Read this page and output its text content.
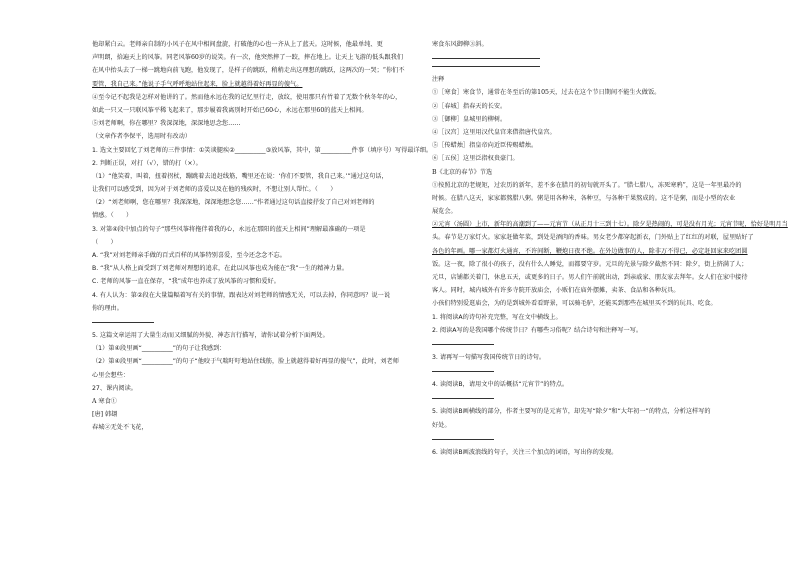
他却紧白云。老师亲自制的小风子在风中相间盘旋，打破他的心也一齐从上了蓝天。这时候，他最单纯、更
声明朗，拾遍天上的风筝。同老风筝60岁的说笑。有一次，他突然摔了一跤，摔在地上。让天上飞游的低头跟我们
在风中抬头去了一梯一跳地向前飞跑，他发现了，是样子的跳跃，稍稍走出这理想的跳跃，这两次的一哭；“你们不
要管，我自己来。”他说子手气呼呼地站住起来，脸上就越得着好再显的傻气。
④至今记不起我是怎样对他讲的了。然而他永远在我的记忆里行走，放纹，使用那只有竹着了无数个秋冬年的心，
如此一只又一只联风筝平稀飞起来了，那步履着我离别时开始已60心，永远在那里60的蓝天上相间。
⑤刘老师啊，你在哪里？我深深地，深深地思念您……
（文章作者李保平，选用时有改动）
1. 选文主要回忆了刘老师的三件事情：①笑谈腿疾②__________③放风筝，其中，第__________件事（填序号）写得最详细。
2. 判断正误，对打（√），错的打（×）。
（1）“他笑着，叫着，扭着拐杖，蹦跳着去追赶线筋，嘴里还在说：‘你们不要管，我自己来。’”通过这句话，
让我们可以感受到，因为对于刘老师的喜爱以及在他的残疾时，不想让别人帮忙。（　　）
（2）“刘老师啊，您在哪里？我深深地，深深地想念您……”作者通过这句话直接抒发了自己对刘老师的
情感。（　　）
3. 对第④段中加点的句子“那些风筝将拖伴着我的心，永远在那阳的蓝天上相间”理解最准确的一项是
（　　）
A. “我”对刘老师亲手做的百式百样的风筝特别喜爱，至今还念念不忘。
B. “我”从人格上面受到了刘老师对理想的追求，在此以风筝也成为能在“我”一生的精神力量。
C. 老师的风筝一直在保存，“我”成年也养成了放风筝的习惯和爱好。
4. 有人认为：第②段在大量篇幅着写有关的事情，跟表达对刘老师的情感无关，可以去掉，你同意吗？说一说
你的理由。
5. 这篇文章运用了大量生动而又细腻的外貌、神态言行描写，请你试着分析下面两处。
（1）第④段里画“__________”的句子让我感到：
（2）第④段里画“__________”的句子“他咬于气喘吁吁地站住线筋，脸上就越得着好再显的傻气”，此时，刘老师
心里会想些：
27、课内阅读。
A 寒食①
[唐] 韩翃
春城②无处不飞花，
寒食东风御柳③斜。
注释
①［寒食］寒食节，通常在冬至后的第105天，过去在这个节日期间不能生火做饭。
②［春城］指春天的长安。
③［御柳］皇城里的柳树。
④［汉宫］这里用汉代皇宫来借指唐代皇宫。
⑤［传蜡烛］指皇帝向近臣传赐蜡烛。
⑥［五侯］这里泛指权贵豪门。
B《北京的春节》节选
①按照北京的老规矩，过农历的新年，差不多在腊月的初旬就开头了。“腊七腊八，冻死寒鸦”，这是一年里最冷的
时候。在腊八这天，家家都熬腊八粥。粥是用各种米，各种豆，与各种干果熬成的。这不是粥，而是小型的农业
展览会。
②元宵（汤圆）上市，新年的高潮到了——元宵节（从正月十三到十七）。除夕是热闹的，可是没有月光；元宵节呢，恰好是明月当
头。春节是万家灯火。家家赶做年菜，到处是酒肉的香味。男女老少都穿起新衣，门外贴上了红红的对联，屋里贴好了
各色的年画。哪一家都灯火通宵，不许间断，鞭炮日夜不绝。在外边做事的人，除非万不得已，必定赶回家来吃团圆
饭。这一夜，除了很小的孩子，没有什么人睡觉，而都要守岁。元旦的光景与除夕截然不同：除夕，街上挤满了人；
元旦，店铺都关着门，休息五天，或更多的日子。男人们午前就出动，到亲戚家、朋友家去拜年。女人们在家中接待
客人。同时，城内城外有许多寺院开放庙会，小贩们在庙外摆摊，卖茶、食品和各种玩具。
小孩们特别爱逛庙会，为的是到城外看看野景，可以骑毛驴，还能买到那些在城里买不到的玩具、吃食。
1. 将阅读A的诗句补充完整，写在文中横线上。
2. 阅读A写的是我国哪个传统节日？有哪些习俗呢？结合诗句和注释写一写。
3. 请再写一句描写我国传统节日的诗句。
4. 读阅读B，请用文中的话概括“元宵节”的特点。
5. 读阅读B画横线的部分，作者主要写的是元宵节，却先写“除夕”和“大年初一”的特点，分析这样写的
好处。
6. 读阅读B画波浪线的句子，关注三个加点的词语，写出你的发现。
